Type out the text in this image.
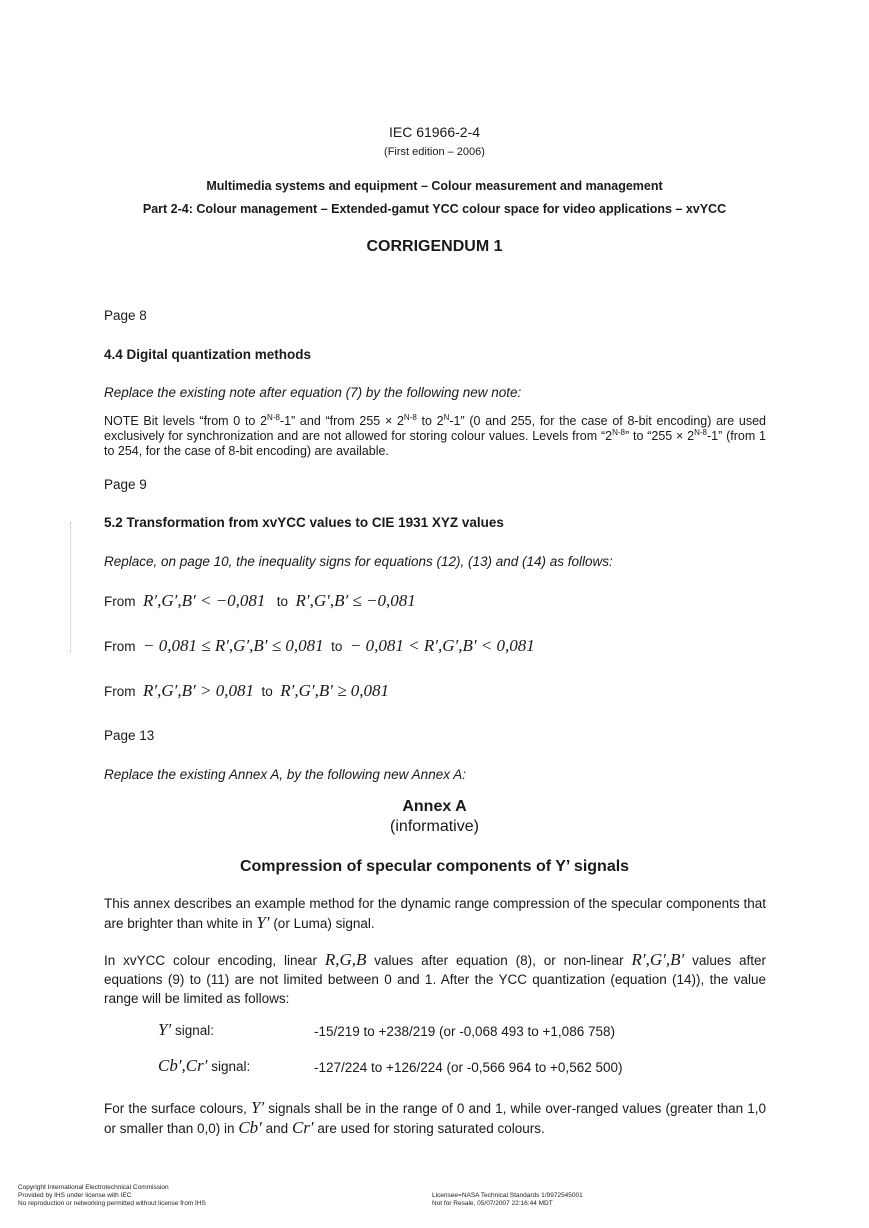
IEC 61966-2-4
(First edition – 2006)
Multimedia systems and equipment – Colour measurement and management
Part 2-4: Colour management – Extended-gamut YCC colour space for video applications – xvYCC
CORRIGENDUM 1
Page 8
4.4 Digital quantization methods
Replace the existing note after equation (7) by the following new note:
NOTE Bit levels “from 0 to $2^{N-8}-1$” and “from $255 \times 2^{N-8}$ to $2^N-1$” (0 and 255, for the case of 8-bit encoding) are used exclusively for synchronization and are not allowed for storing colour values. Levels from “$2^{N-8}$” to “$255 \times 2^{N-8}-1$” (from 1 to 254, for the case of 8-bit encoding) are available.
Page 9
5.2 Transformation from xvYCC values to CIE 1931 XYZ values
Replace, on page 10, the inequality signs for equations (12), (13) and (14) as follows:
From R′,G′,B′ < −0,081 to R′,G′,B′ ≤ −0,081
From − 0,081 ≤ R′,G′,B′ ≤ 0,081 to − 0,081 < R′,G′,B′ < 0,081
From R′,G′,B′ > 0,081 to R′,G′,B′ ≥ 0,081
Page 13
Replace the existing Annex A, by the following new Annex A:
Annex A
(informative)
Compression of specular components of Y’ signals
This annex describes an example method for the dynamic range compression of the specular components that are brighter than white in Y′ (or Luma) signal.
In xvYCC colour encoding, linear R,G,B values after equation (8), or non-linear R′,G′,B′ values after equations (9) to (11) are not limited between 0 and 1. After the YCC quantization (equation (14)), the value range will be limited as follows:
Y′ signal:	-15/219 to +238/219 (or -0,068 493 to +1,086 758)
Cb′,Cr′ signal:	-127/224 to +126/224 (or -0,566 964 to +0,562 500)
For the surface colours, Y′ signals shall be in the range of 0 and 1, while over-ranged values (greater than 1,0 or smaller than 0,0) in Cb′ and Cr′ are used for storing saturated colours.
Copyright International Electrotechnical Commission
Provided by IHS under license with IEC
No reproduction or networking permitted without license from IHS
Licensee=NASA Technical Standards 1/9972545001
Not for Resale, 05/07/2007 22:16:44 MDT
